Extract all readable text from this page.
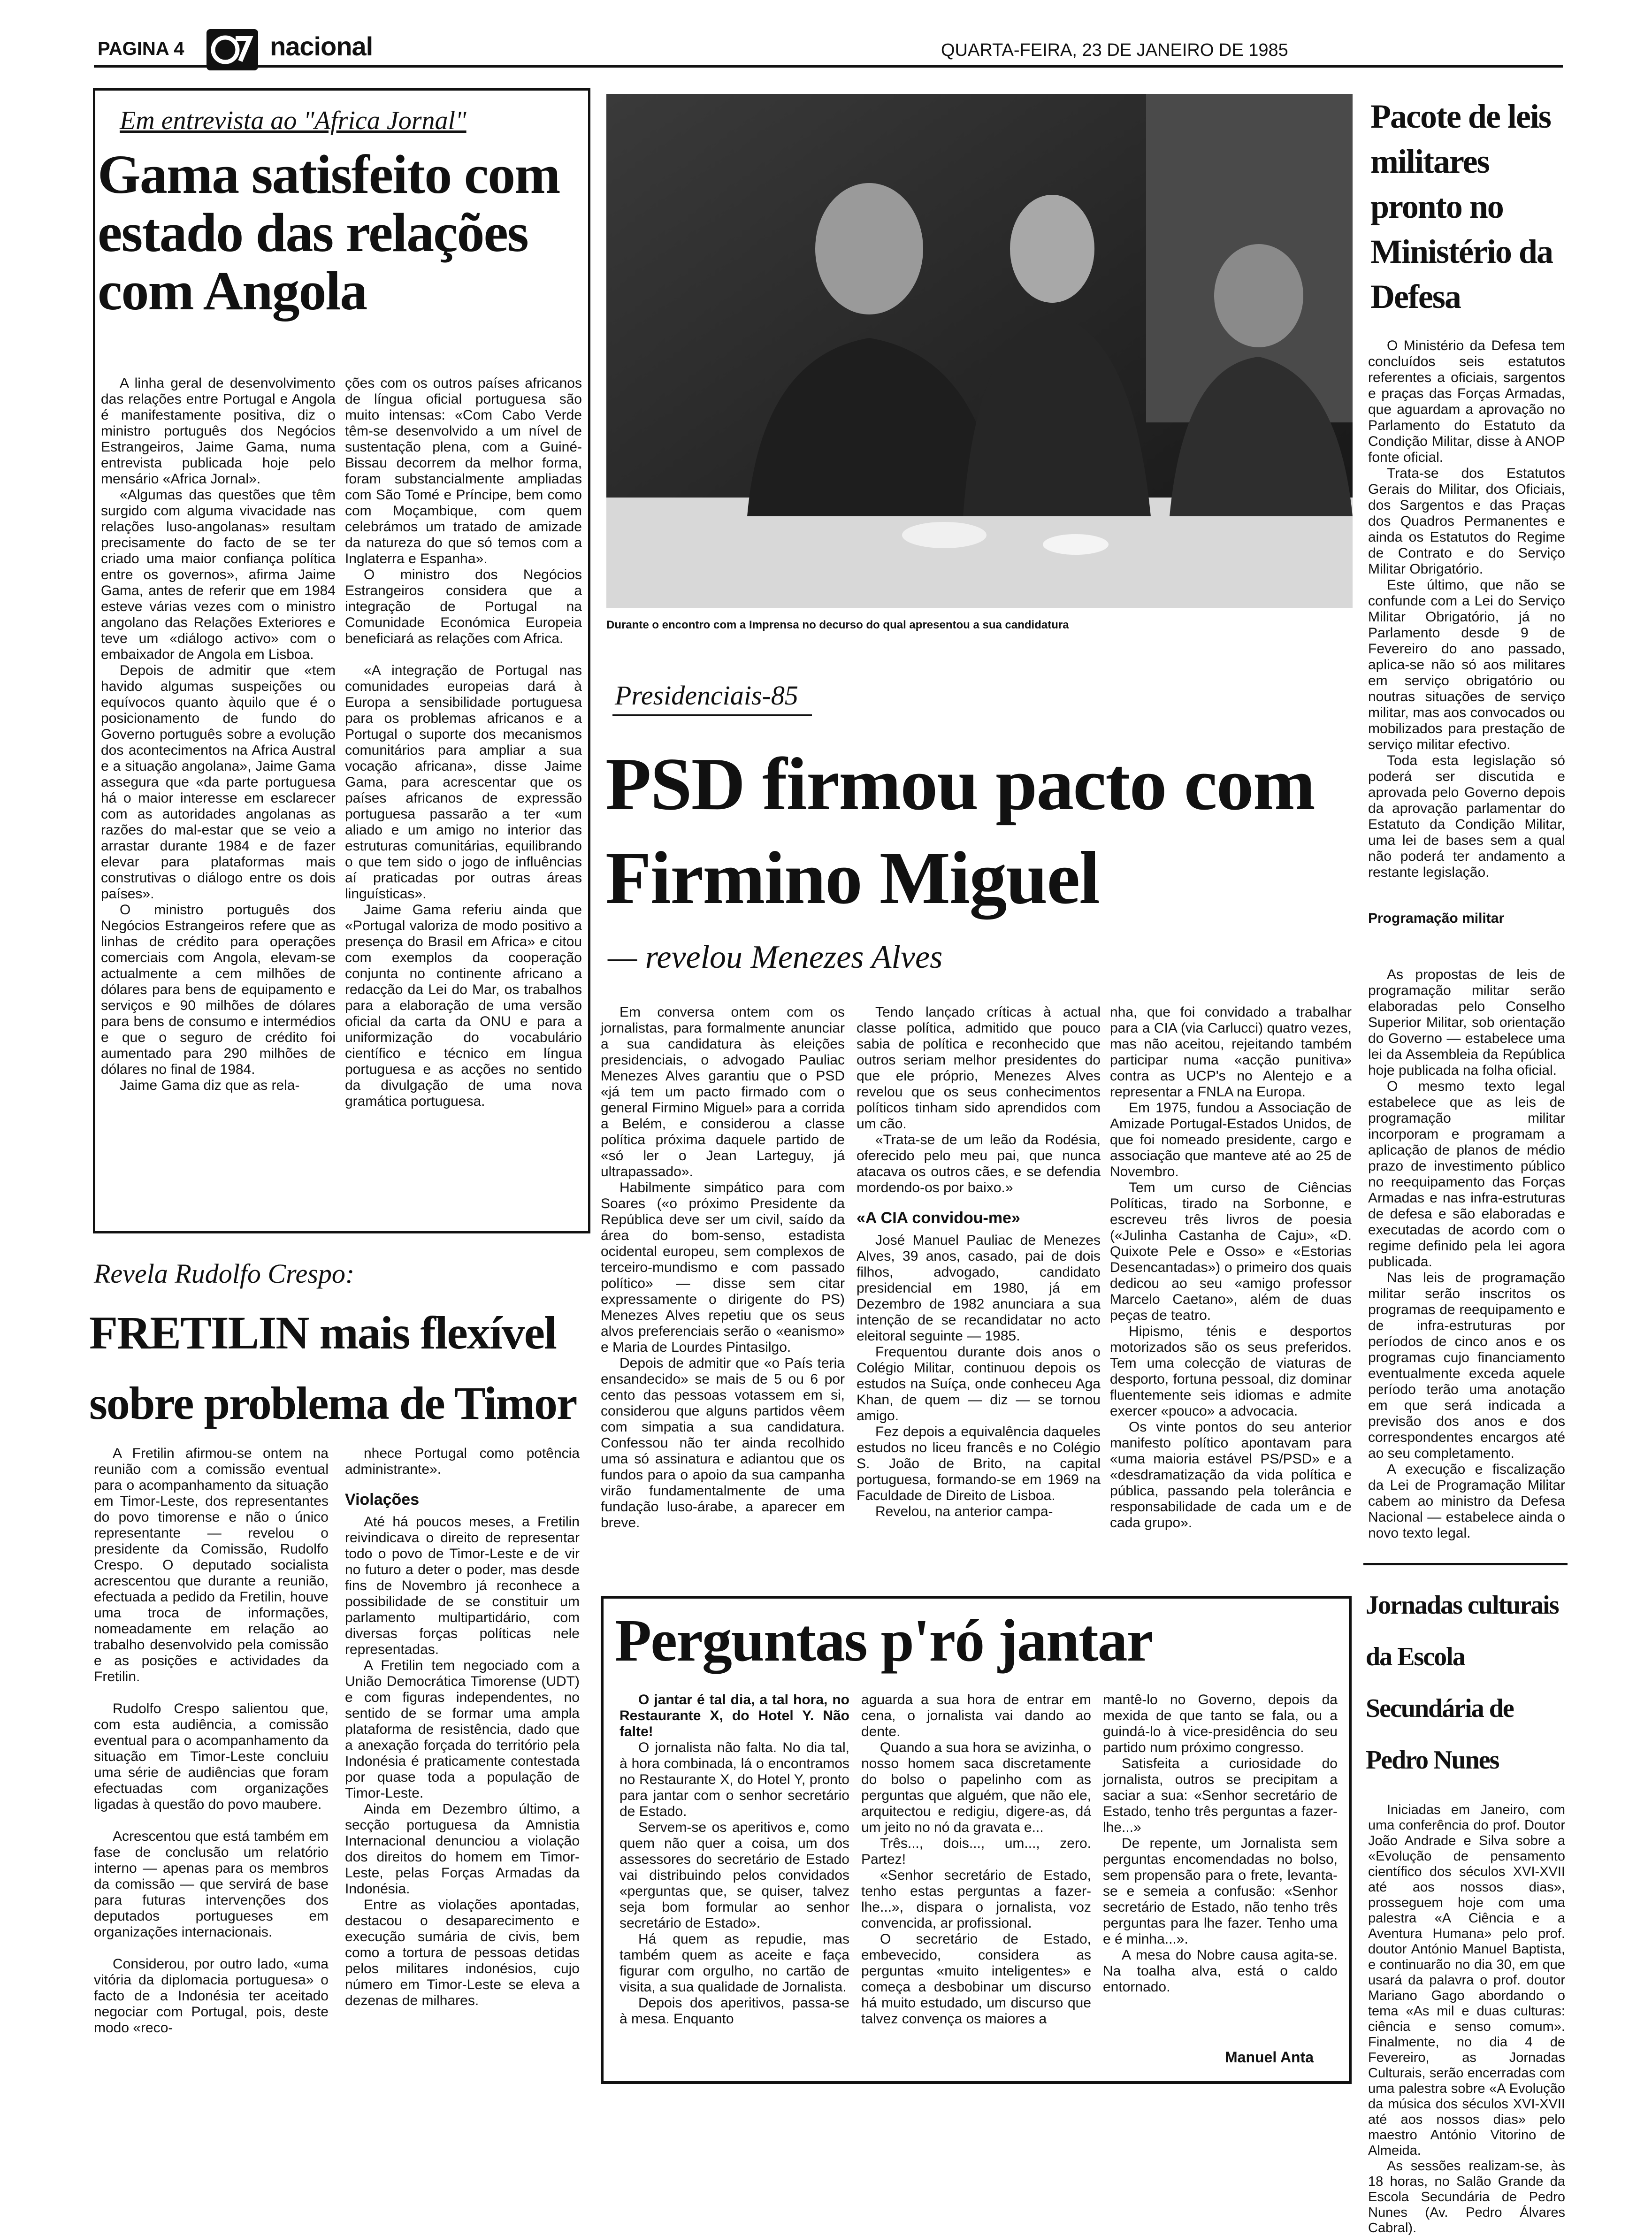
PAGINA 4	nacional	QUARTA-FEIRA, 23 DE JANEIRO DE 1985
Em entrevista ao "Africa Jornal"
Gama satisfeito com estado das relações com Angola

A linha geral de desenvolvimento das relações entre Portugal e Angola é manifestamente positiva, diz o ministro português dos Negócios Estrangeiros, Jaime Gama, numa entrevista publicada hoje pelo mensário «Africa Jornal».

«Algumas das questões que têm surgido com alguma vivacidade nas relações luso-angolanas» resultam precisamente do facto de se ter criado uma maior confiança política entre os governos», afirma Jaime Gama, antes de referir que em 1984 esteve várias vezes com o ministro angolano das Relações Exteriores e teve um «diálogo activo» com o embaixador de Angola em Lisboa.

Depois de admitir que «tem havido algumas suspeições ou equívocos quanto àquilo que é o posicionamento de fundo do Governo português sobre a evolução dos acontecimentos na Africa Austral e a situação angolana», Jaime Gama assegura que «da parte portuguesa há o maior interesse em esclarecer com as autoridades angolanas as razões do mal-estar que se veio a arrastar durante 1984 e de fazer elevar para plataformas mais construtivas o diálogo entre os dois países».

O ministro português dos Negócios Estrangeiros refere que as linhas de crédito para operações comerciais com Angola, elevam-se actualmente a cem milhões de dólares para bens de equipamento e serviços e 90 milhões de dólares para bens de consumo e intermédios e que o seguro de crédito foi aumentado para 290 milhões de dólares no final de 1984.

Jaime Gama diz que as rela-

ções com os outros países africanos de língua oficial portuguesa são muito intensas: «Com Cabo Verde têm-se desenvolvido a um nível de sustentação plena, com a Guiné-Bissau decorrem da melhor forma, foram substancialmente ampliadas com São Tomé e Príncipe, bem como com Moçambique, com quem celebrámos um tratado de amizade da natureza do que só temos com a Inglaterra e Espanha».

O ministro dos Negócios Estrangeiros considera que a integração de Portugal na Comunidade Económica Europeia beneficiará as relações com Africa.

«A integração de Portugal nas comunidades europeias dará à Europa a sensibilidade portuguesa para os problemas africanos e a Portugal o suporte dos mecanismos comunitários para ampliar a sua vocação africana», disse Jaime Gama, para acrescentar que os países africanos de expressão portuguesa passarão a ter «um aliado e um amigo no interior das estruturas comunitárias, equilibrando o que tem sido o jogo de influências aí praticadas por outras áreas linguísticas».

Jaime Gama referiu ainda que «Portugal valoriza de modo positivo a presença do Brasil em Africa» e citou com exemplos da cooperação conjunta no continente africano a redacção da Lei do Mar, os trabalhos para a elaboração de uma versão oficial da carta da ONU e para a uniformização do vocabulário científico e técnico em língua portuguesa e as acções no sentido da divulgação de uma nova gramática portuguesa.

Durante o encontro com a Imprensa no decurso do qual apresentou a sua candidatura
Presidenciais-85
PSD firmou pacto com Firmino Miguel
— revelou Menezes Alves

Em conversa ontem com os jornalistas, para formalmente anunciar a sua candidatura às eleições presidenciais, o advogado Pauliac Menezes Alves garantiu que o PSD «já tem um pacto firmado com o general Firmino Miguel» para a corrida a Belém, e considerou a classe política próxima daquele partido de «só ler o Jean Larteguy, já ultrapassado».

Habilmente simpático para com Soares («o próximo Presidente da República deve ser um civil, saído da área do bom-senso, estadista ocidental europeu, sem complexos de terceiro-mundismo e com passado político» — disse sem citar expressamente o dirigente do PS) Menezes Alves repetiu que os seus alvos preferenciais serão o «eanismo» e Maria de Lourdes Pintasilgo.

Depois de admitir que «o País teria ensandecido» se mais de 5 ou 6 por cento das pessoas votassem em si, considerou que alguns partidos vêem com simpatia a sua candidatura. Confessou não ter ainda recolhido uma só assinatura e adiantou que os fundos para o apoio da sua campanha virão fundamentalmente de uma fundação luso-árabe, a aparecer em breve.

Tendo lançado críticas à actual classe política, admitido que pouco sabia de política e reconhecido que outros seriam melhor presidentes do que ele próprio, Menezes Alves revelou que os seus conhecimentos políticos tinham sido aprendidos com um cão.

«Trata-se de um leão da Rodésia, oferecido pelo meu pai, que nunca atacava os outros cães, e se defendia mordendo-os por baixo.»

«A CIA convidou-me»

José Manuel Pauliac de Menezes Alves, 39 anos, casado, pai de dois filhos, advogado, candidato presidencial em 1980, já em Dezembro de 1982 anunciara a sua intenção de se recandidatar no acto eleitoral seguinte — 1985.

Frequentou durante dois anos o Colégio Militar, continuou depois os estudos na Suíça, onde conheceu Aga Khan, de quem — diz — se tornou amigo.

Fez depois a equivalência daqueles estudos no liceu francês e no Colégio S. João de Brito, na capital portuguesa, formando-se em 1969 na Faculdade de Direito de Lisboa.

Revelou, na anterior campa-

nha, que foi convidado a trabalhar para a CIA (via Carlucci) quatro vezes, mas não aceitou, rejeitando também participar numa «acção punitiva» contra as UCP's no Alentejo e a representar a FNLA na Europa.

Em 1975, fundou a Associação de Amizade Portugal-Estados Unidos, de que foi nomeado presidente, cargo e associação que manteve até ao 25 de Novembro.

Tem um curso de Ciências Políticas, tirado na Sorbonne, e escreveu três livros de poesia («Julinha Castanha de Caju», «D. Quixote Pele e Osso» e «Estorias Desencantadas») o primeiro dos quais dedicou ao seu «amigo professor Marcelo Caetano», além de duas peças de teatro.

Hipismo, ténis e desportos motorizados são os seus preferidos. Tem uma colecção de viaturas de desporto, fortuna pessoal, diz dominar fluentemente seis idiomas e admite exercer «pouco» a advocacia.

Os vinte pontos do seu anterior manifesto político apontavam para «uma maioria estável PS/PSD» e a «desdramatização da vida política e pública, passando pela tolerância e responsabilidade de cada um e de cada grupo».

Pacote de leis militares pronto no Ministério da Defesa

O Ministério da Defesa tem concluídos seis estatutos referentes a oficiais, sargentos e praças das Forças Armadas, que aguardam a aprovação no Parlamento do Estatuto da Condição Militar, disse à ANOP fonte oficial.

Trata-se dos Estatutos Gerais do Militar, dos Oficiais, dos Sargentos e das Praças dos Quadros Permanentes e ainda os Estatutos do Regime de Contrato e do Serviço Militar Obrigatório.

Este último, que não se confunde com a Lei do Serviço Militar Obrigatório, já no Parlamento desde 9 de Fevereiro do ano passado, aplica-se não só aos militares em serviço obrigatório ou noutras situações de serviço militar, mas aos convocados ou mobilizados para prestação de serviço militar efectivo.

Toda esta legislação só poderá ser discutida e aprovada pelo Governo depois da aprovação parlamentar do Estatuto da Condição Militar, uma lei de bases sem a qual não poderá ter andamento a restante legislação.

Programação militar

As propostas de leis de programação militar serão elaboradas pelo Conselho Superior Militar, sob orientação do Governo — estabelece uma lei da Assembleia da República hoje publicada na folha oficial.

O mesmo texto legal estabelece que as leis de programação militar incorporam e programam a aplicação de planos de médio prazo de investimento público no reequipamento das Forças Armadas e nas infra-estruturas de defesa e são elaboradas e executadas de acordo com o regime definido pela lei agora publicada.

Nas leis de programação militar serão inscritos os programas de reequipamento e de infra-estruturas por períodos de cinco anos e os programas cujo financiamento eventualmente exceda aquele período terão uma anotação em que será indicada a previsão dos anos e dos correspondentes encargos até ao seu completamento.

A execução e fiscalização da Lei de Programação Militar cabem ao ministro da Defesa Nacional — estabelece ainda o novo texto legal.

Revela Rudolfo Crespo:
FRETILIN mais flexível sobre problema de Timor

A Fretilin afirmou-se ontem na reunião com a comissão eventual para o acompanhamento da situação em Timor-Leste, dos representantes do povo timorense e não o único representante — revelou o presidente da Comissão, Rudolfo Crespo. O deputado socialista acrescentou que durante a reunião, efectuada a pedido da Fretilin, houve uma troca de informações, nomeadamente em relação ao trabalho desenvolvido pela comissão e as posições e actividades da Fretilin.

Rudolfo Crespo salientou que, com esta audiência, a comissão eventual para o acompanhamento da situação em Timor-Leste concluiu uma série de audiências que foram efectuadas com organizações ligadas à questão do povo maubere.

Acrescentou que está também em fase de conclusão um relatório interno — apenas para os membros da comissão — que servirá de base para futuras intervenções dos deputados portugueses em organizações internacionais.

Considerou, por outro lado, «uma vitória da diplomacia portuguesa» o facto de a Indonésia ter aceitado negociar com Portugal, pois, deste modo «reco-

nhece Portugal como potência administrante».

Violações

Até há poucos meses, a Fretilin reivindicava o direito de representar todo o povo de Timor-Leste e de vir no futuro a deter o poder, mas desde fins de Novembro já reconhece a possibilidade de se constituir um parlamento multipartidário, com diversas forças políticas nele representadas.

A Fretilin tem negociado com a União Democrática Timorense (UDT) e com figuras independentes, no sentido de se formar uma ampla plataforma de resistência, dado que a anexação forçada do território pela Indonésia é praticamente contestada por quase toda a população de Timor-Leste.

Ainda em Dezembro último, a secção portuguesa da Amnistia Internacional denunciou a violação dos direitos do homem em Timor-Leste, pelas Forças Armadas da Indonésia.

Entre as violações apontadas, destacou o desaparecimento e execução sumária de civis, bem como a tortura de pessoas detidas pelos militares indonésios, cujo número em Timor-Leste se eleva a dezenas de milhares.

Perguntas p'ró jantar

O jantar é tal dia, a tal hora, no Restaurante X, do Hotel Y. Não falte!

O jornalista não falta. No dia tal, à hora combinada, lá o encontramos no Restaurante X, do Hotel Y, pronto para jantar com o senhor secretário de Estado.

Servem-se os aperitivos e, como quem não quer a coisa, um dos assessores do secretário de Estado vai distribuindo pelos convidados «perguntas que, se quiser, talvez seja bom formular ao senhor secretário de Estado».

Há quem as repudie, mas também quem as aceite e faça figurar com orgulho, no cartão de visita, a sua qualidade de Jornalista.

Depois dos aperitivos, passa-se à mesa. Enquanto

aguarda a sua hora de entrar em cena, o jornalista vai dando ao dente.

Quando a sua hora se avizinha, o nosso homem saca discretamente do bolso o papelinho com as perguntas que alguém, que não ele, arquitectou e redigiu, digere-as, dá um jeito no nó da gravata e...

Três..., dois..., um..., zero. Partez!

«Senhor secretário de Estado, tenho estas perguntas a fazer-lhe...», dispara o jornalista, voz convencida, ar profissional.

O secretário de Estado, embevecido, considera as perguntas «muito inteligentes» e começa a desbobinar um discurso há muito estudado, um discurso que talvez convença os maiores a

mantê-lo no Governo, depois da mexida de que tanto se fala, ou a guindá-lo à vice-presidência do seu partido num próximo congresso.

Satisfeita a curiosidade do jornalista, outros se precipitam a saciar a sua: «Senhor secretário de Estado, tenho três perguntas a fazer-lhe...»

De repente, um Jornalista sem perguntas encomendadas no bolso, sem propensão para o frete, levanta-se e semeia a confusão: «Senhor secretário de Estado, não tenho três perguntas para lhe fazer. Tenho uma e é minha...».

A mesa do Nobre causa agita-se. Na toalha alva, está o caldo entornado.

Manuel Anta
Jornadas culturais da Escola Secundária de Pedro Nunes

Iniciadas em Janeiro, com uma conferência do prof. Doutor João Andrade e Silva sobre a «Evolução de pensamento científico dos séculos XVI-XVII até aos nossos dias», prosseguem hoje com uma palestra «A Ciência e a Aventura Humana» pelo prof. doutor António Manuel Baptista, e continuarão no dia 30, em que usará da palavra o prof. doutor Mariano Gago abordando o tema «As mil e duas culturas: ciência e senso comum». Finalmente, no dia 4 de Fevereiro, as Jornadas Culturais, serão encerradas com uma palestra sobre «A Evolução da música dos séculos XVI-XVII até aos nossos dias» pelo maestro António Vitorino de Almeida.

As sessões realizam-se, às 18 horas, no Salão Grande da Escola Secundária de Pedro Nunes (Av. Pedro Álvares Cabral).
